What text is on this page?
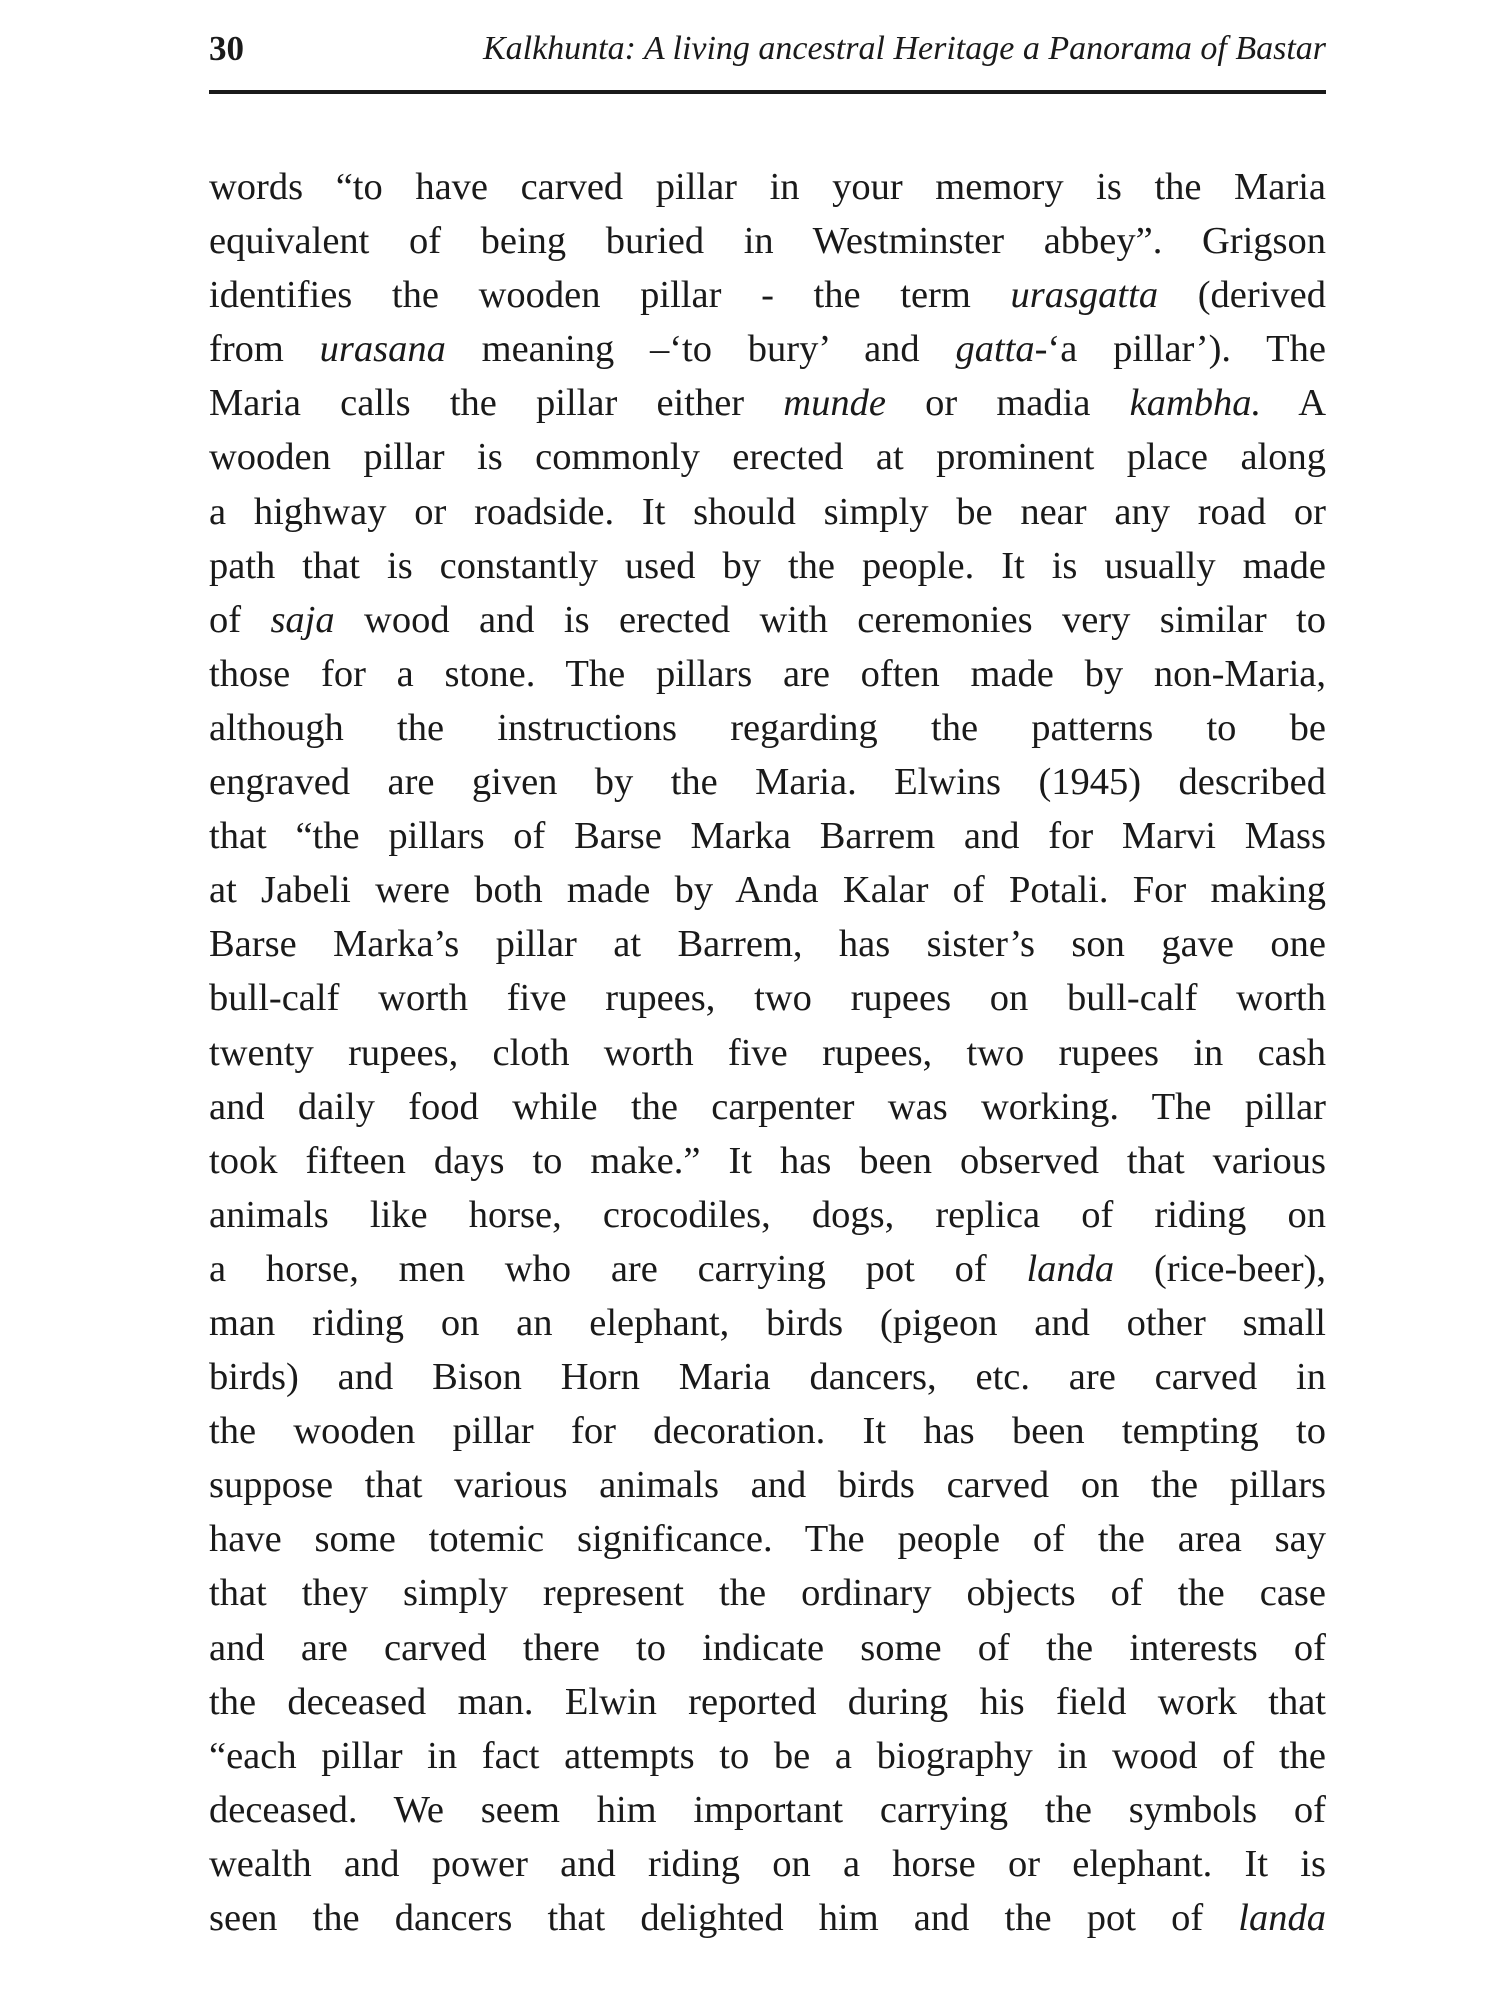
30	Kalkhunta: A living ancestral Heritage a Panorama of Bastar
words “to have carved pillar in your memory is the Maria
equivalent of being buried in Westminster abbey”. Grigson
identifies the wooden pillar - the term urasgatta (derived
from urasana meaning –‘to bury’ and gatta-‘a pillar’). The
Maria calls the pillar either munde or madia kambha. A
wooden pillar is commonly erected at prominent place along
a highway or roadside. It should simply be near any road or
path that is constantly used by the people. It is usually made
of saja wood and is erected with ceremonies very similar to
those for a stone. The pillars are often made by non-Maria,
although the instructions regarding the patterns to be
engraved are given by the Maria. Elwins (1945) described
that “the pillars of Barse Marka Barrem and for Marvi Mass
at Jabeli were both made by Anda Kalar of Potali. For making
Barse Marka’s pillar at Barrem, has sister’s son gave one
bull-calf worth five rupees, two rupees on bull-calf worth
twenty rupees, cloth worth five rupees, two rupees in cash
and daily food while the carpenter was working. The pillar
took fifteen days to make.” It has been observed that various
animals like horse, crocodiles, dogs, replica of riding on
a horse, men who are carrying pot of landa (rice-beer),
man riding on an elephant, birds (pigeon and other small
birds) and Bison Horn Maria dancers, etc. are carved in
the wooden pillar for decoration. It has been tempting to
suppose that various animals and birds carved on the pillars
have some totemic significance. The people of the area say
that they simply represent the ordinary objects of the case
and are carved there to indicate some of the interests of
the deceased man. Elwin reported during his field work that
“each pillar in fact attempts to be a biography in wood of the
deceased. We seem him important carrying the symbols of
wealth and power and riding on a horse or elephant. It is
seen the dancers that delighted him and the pot of landa
